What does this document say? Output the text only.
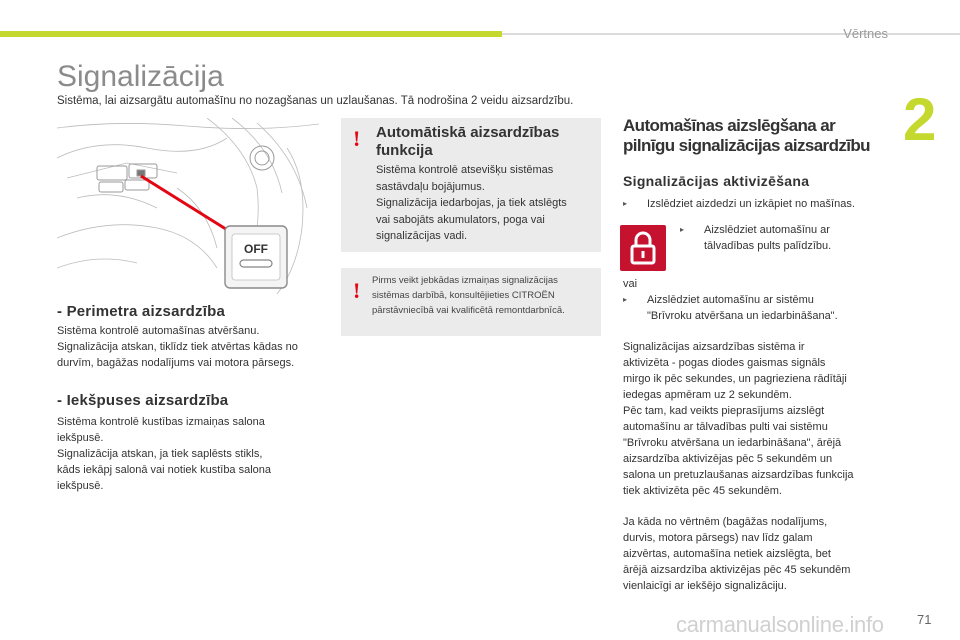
Vērtnes
2
Signalizācija
Sistēma, lai aizsargātu automašīnu no nozagšanas un uzlaušanas. Tā nodrošina 2 veidu aizsardzību.
OFF
- Perimetra aizsardzība

Sistēma kontrolē automašīnas atvēršanu.

Signalizācija atskan, tiklīdz tiek atvērtas kādas no

durvīm, bagāžas nodalījums vai motora pārsegs.

- Iekšpuses aizsardzība

Sistēma kontrolē kustības izmaiņas salona

iekšpusē.

Signalizācija atskan, ja tiek saplēsts stikls,

kāds iekāpj salonā vai notiek kustība salona

iekšpusē.

! Automātiskā aizsardzības
funkcija

Sistēma kontrolē atsevišķu sistēmas

sastāvdaļu bojājumus.

Signalizācija iedarbojas, ja tiek atslēgts

vai sabojāts akumulators, poga vai

signalizācijas vadi.

! Pirms veikt jebkādas izmaiņas signalizācijas
sistēmas darbībā, konsultējieties CITROËN
pārstāvniecībā vai kvalificētā remontdarbnīcā.
Automašīnas aizslēgšana ar
pilnīgu signalizācijas aizsardzību
Signalizācijas aktivizēšana
▸	Izslēdziet aizdedzi un izkāpiet no mašīnas.
▸	Aizslēdziet automašīnu ar
tālvadības pults palīdzību.
vai
▸	Aizslēdziet automašīnu ar sistēmu
"Brīvroku atvēršana un iedarbināšana".

Signalizācijas aizsardzības sistēma ir

aktivizēta - pogas diodes gaismas signāls

mirgo ik pēc sekundes, un pagrieziena rādītāji

iedegas apmēram uz 2 sekundēm.

Pēc tam, kad veikts pieprasījums aizslēgt

automašīnu ar tālvadības pulti vai sistēmu

"Brīvroku atvēršana un iedarbināšana", ārējā

aizsardzība aktivizējas pēc 5 sekundēm un

salona un pretuzlaušanas aizsardzības funkcija

tiek aktivizēta pēc 45 sekundēm.

Ja kāda no vērtnēm (bagāžas nodalījums,

durvis, motora pārsegs) nav līdz galam

aizvērtas, automašīna netiek aizslēgta, bet

ārējā aizsardzība aktivizējas pēc 45 sekundēm

vienlaicīgi ar iekšējo signalizāciju.

carmanualsonline.info	71
